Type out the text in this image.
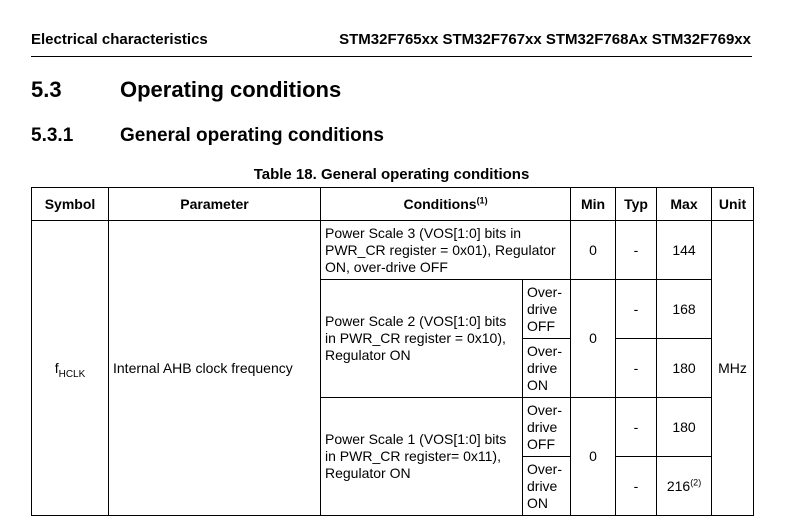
Electrical characteristics	STM32F765xx STM32F767xx STM32F768Ax STM32F769xx
5.3	Operating conditions
5.3.1 General operating conditions
Table 18. General operating conditions
Symbol	Parameter	Conditions$^{(1)}$		Min	Typ	Max	Unit
$f_{HCLK}$	Internal AHB clock frequency	Power Scale 3 (VOS[1:0] bits in PWR_CR register = 0x01), Regulator ON, over-drive OFF		0	-	144	MHz
		Power Scale 2 (VOS[1:0] bits in PWR_CR register = 0x10), Regulator ON	Over-drive OFF	0	-	168	
			Over-drive ON		-	180	
		Power Scale 1 (VOS[1:0] bits in PWR_CR register= 0x11), Regulator ON	Over-drive OFF	0	-	180	
			Over-drive ON		-	216$^{(2)}$
